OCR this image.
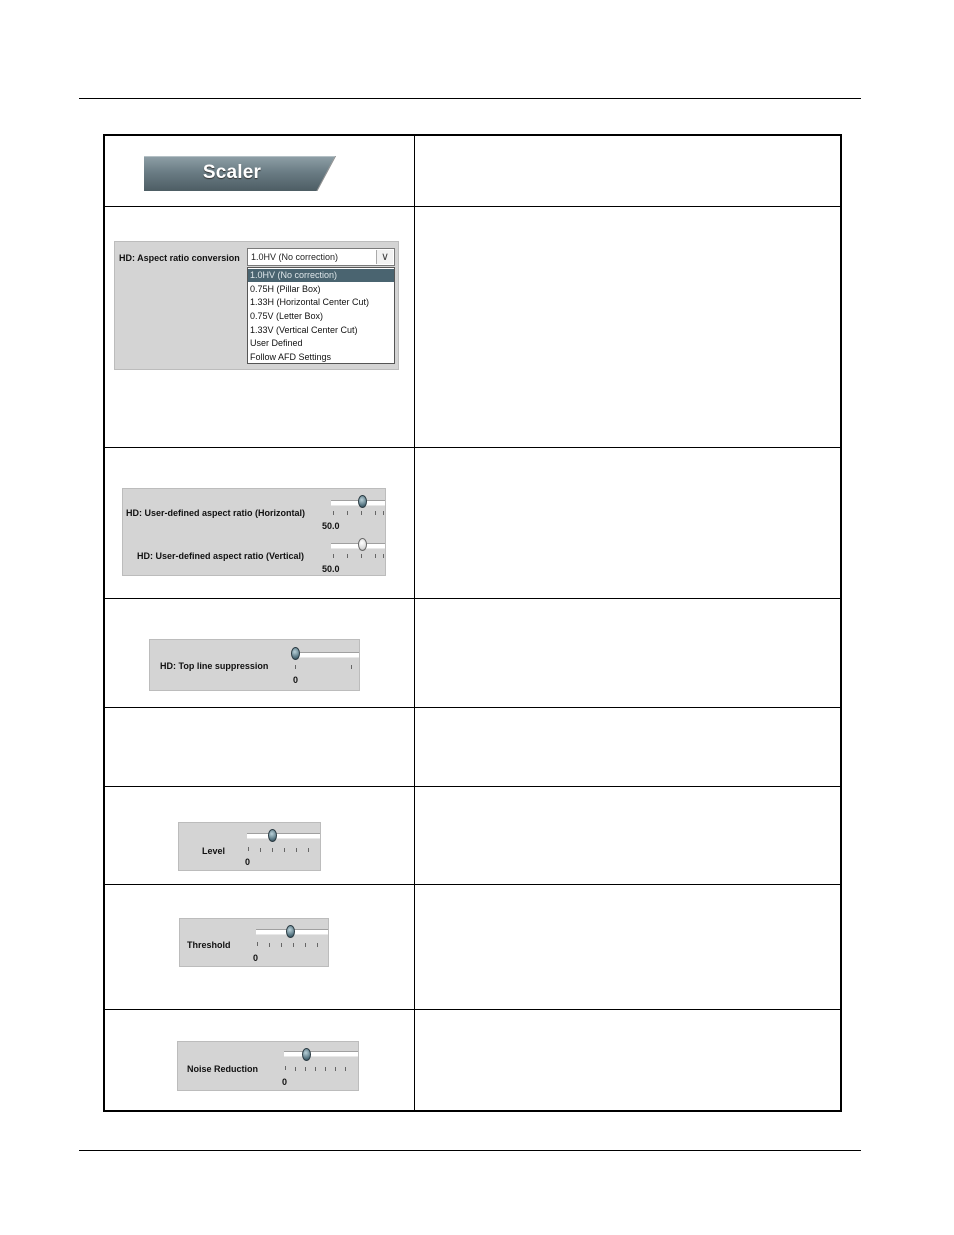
Scaler
HD: Aspect ratio conversion 1.0HV (No correction)	∨
1.0HV (No correction)
0.75H (Pillar Box)
1.33H (Horizontal Center Cut)
0.75V (Letter Box)
1.33V (Vertical Center Cut)
User Defined
Follow AFD Settings
HD: User-defined aspect ratio (Horizontal)
50.0
HD: User-defined aspect ratio (Vertical)
50.0
HD: Top line suppression
0
Level
0
Threshold
0
Noise Reduction
0
